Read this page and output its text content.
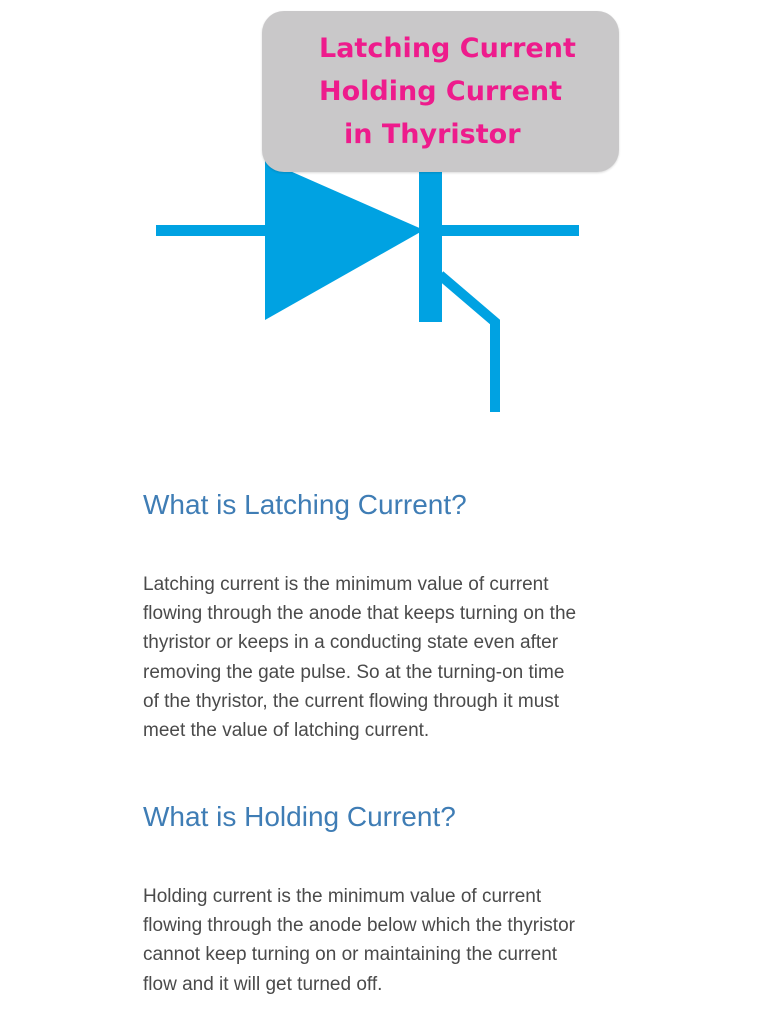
Latching Current
Holding Current
in Thyristor
What is Latching Current?
Latching current is the minimum value of current
flowing through the anode that keeps turning on the
thyristor or keeps in a conducting state even after
removing the gate pulse. So at the turning-on time
of the thyristor, the current flowing through it must
meet the value of latching current.
What is Holding Current?
Holding current is the minimum value of current
flowing through the anode below which the thyristor
cannot keep turning on or maintaining the current
flow and it will get turned off.
